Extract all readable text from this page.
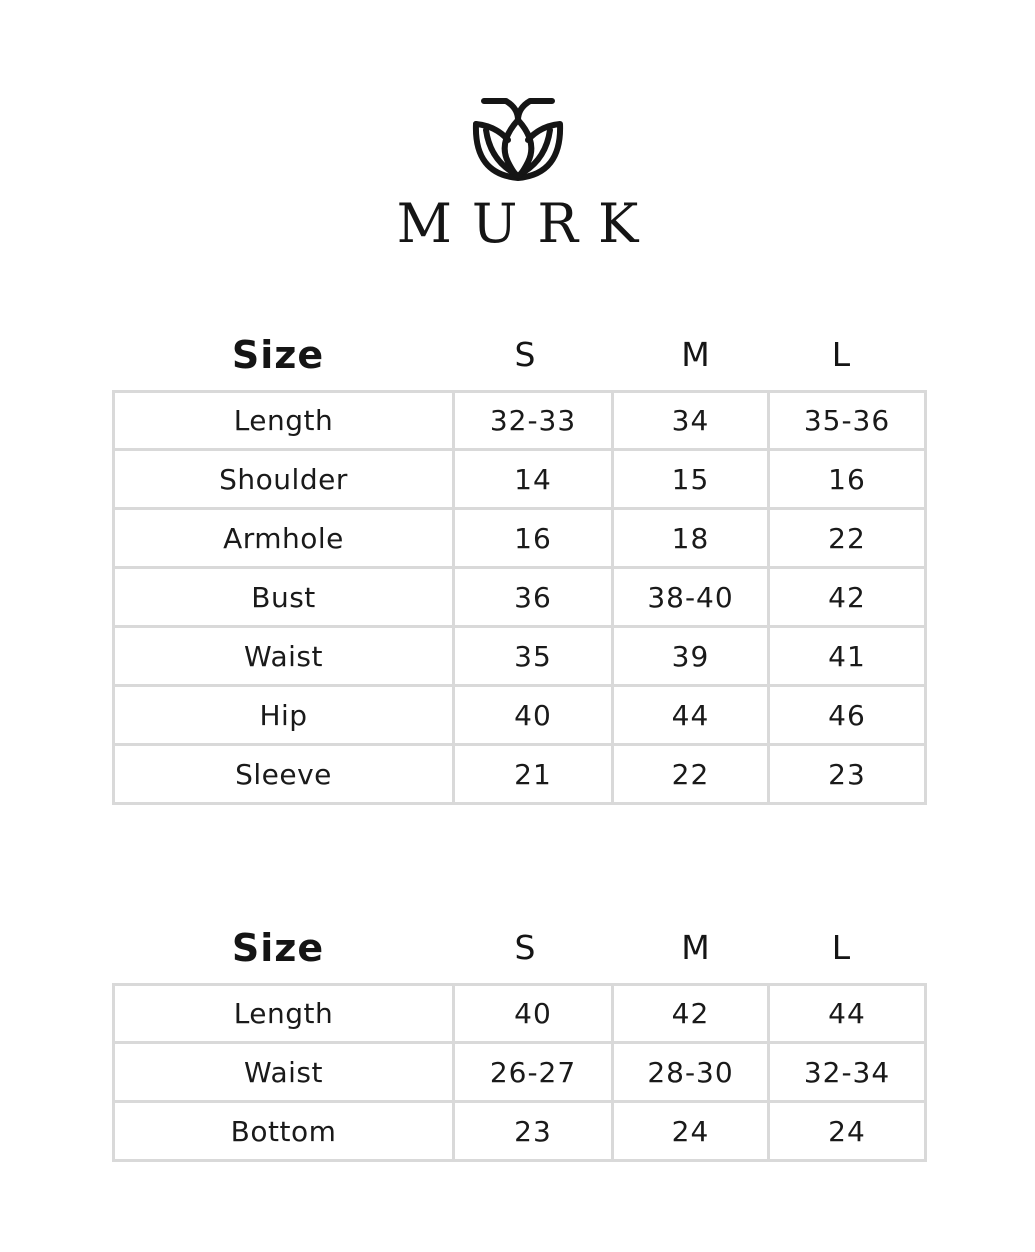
MURK
Size	S	M	L
Length	32-33	34	35-36
Shoulder	14	15	16
Armhole	16	18	22
Bust	36	38-40	42
Waist	35	39	41
Hip	40	44	46
Sleeve	21	22	23
Size	S	M	L
Length	40	42	44
Waist	26-27	28-30	32-34
Bottom	23	24	24
